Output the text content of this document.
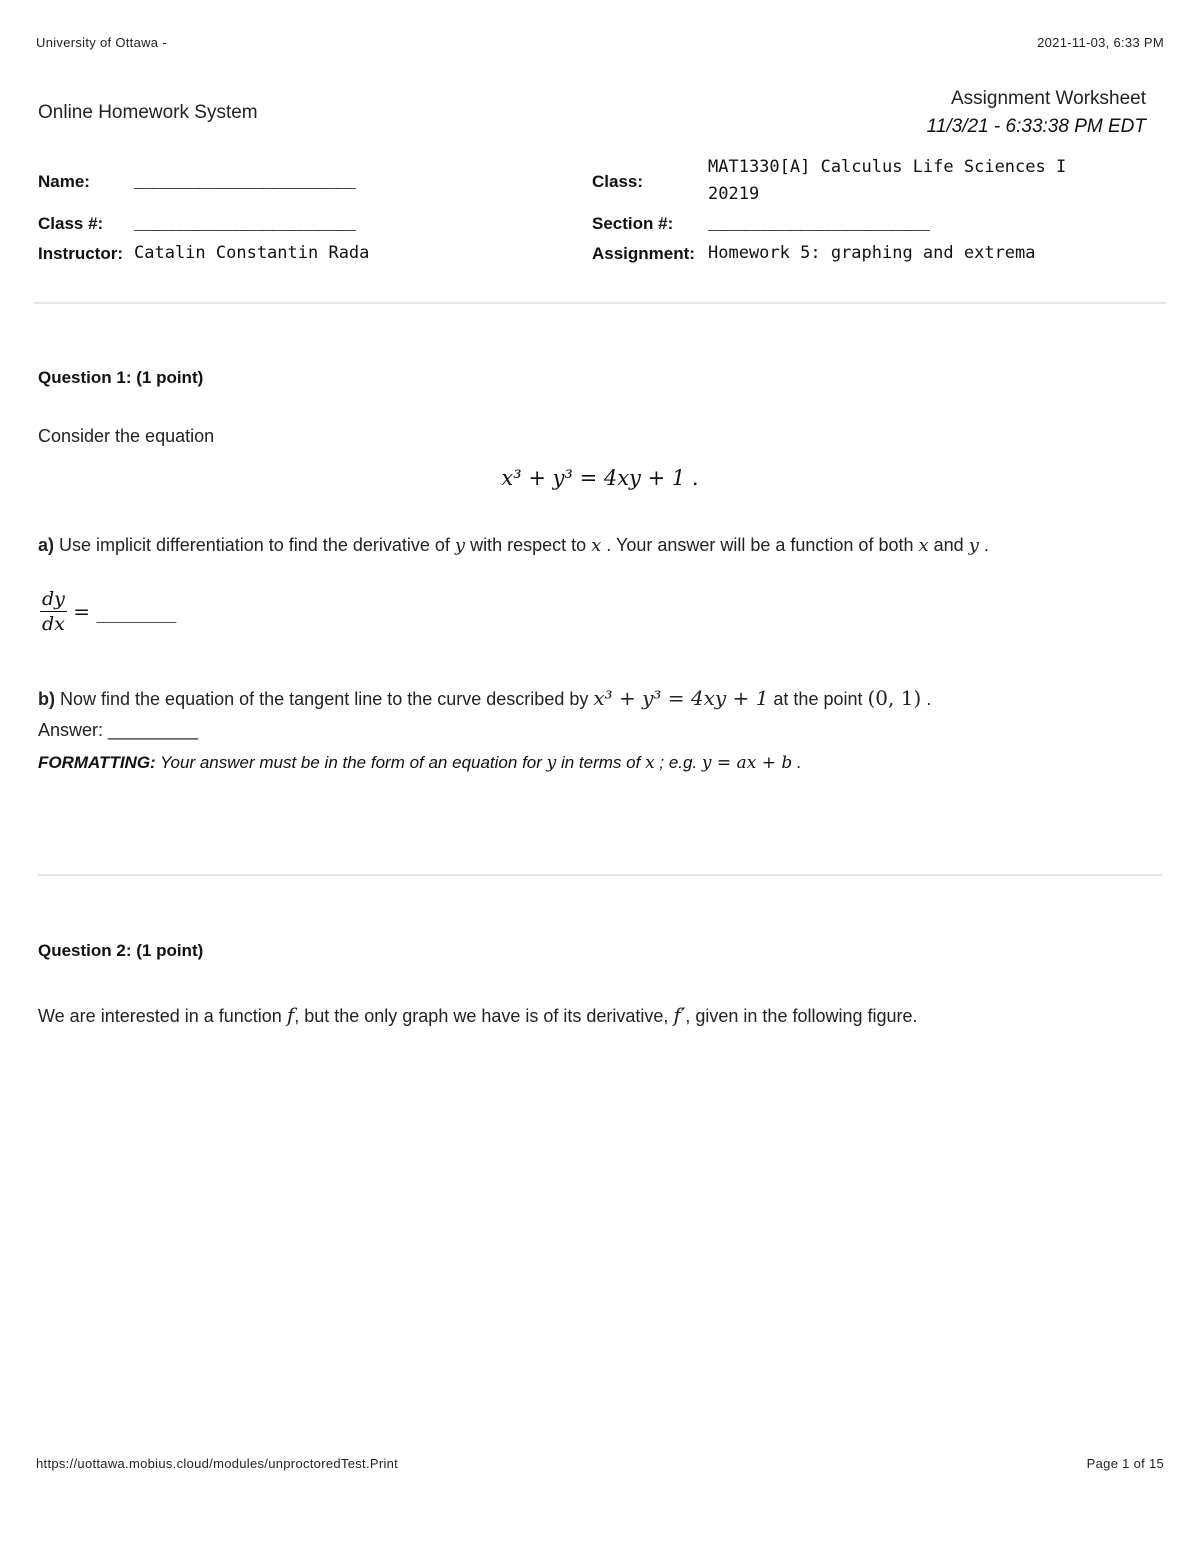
University of Ottawa -	2021-11-03, 6:33 PM
Online Homework System
Assignment Worksheet
11/3/21 - 6:33:38 PM EDT
Name:	________________________	Class:
MAT1330[A] Calculus Life Sciences I
20219
Class #: ________________________	Section #: ________________________
Instructor: Catalin Constantin Rada	Assignment: Homework 5: graphing and extrema
Question 1: (1 point)
Consider the equation
x³ + y³ = 4xy + 1 .
a) Use implicit differentiation to find the derivative of y with respect to x . Your answer will be a function of both x and y .
$\frac{dy}{dx}$ = ________
b) Now find the equation of the tangent line to the curve described by x³ + y³ = 4xy + 1 at the point (0, 1) .
Answer: _________
FORMATTING: Your answer must be in the form of an equation for y in terms of x ; e.g. y = ax + b .
Question 2: (1 point)
We are interested in a function f, but the only graph we have is of its derivative, f′, given in the following figure.
https://uottawa.mobius.cloud/modules/unproctoredTest.Print	Page 1 of 15
